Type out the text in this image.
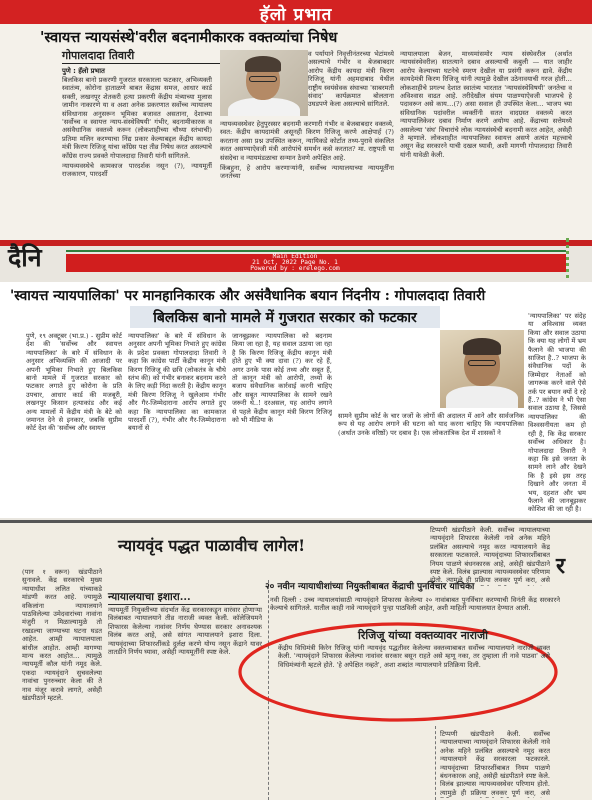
हॅलो प्रभात
'स्वायत्त न्यायसंस्थे'वरील बदनामीकारक वक्तव्यांचा निषेध
गोपालदादा तिवारी
पुणे : हॅलो प्रभात

बिलकिस बानो प्रकरणी गुजरात सरकारला फटकार, अभिव्यक्ती स्वातंत्र्य, कोरोना हाताळणे बाबत केंद्रास समज, आधार कार्ड सक्ती, लखनपूर शेतकरी हत्या प्रकरणी केंद्रीय मंत्र्याच्या मुलास जामीन नाकारणे या व अशा अनेक प्रकरणात सर्वोच्च न्यायालय संविधानास अनुसरून भूमिका बजावत असताना, देशाच्या 'सर्वोच्च व स्वायत्त न्याय-संस्थेविषयी' गंभीर, बदनामीकारक व असंवैधानिक वक्तव्ये करून (लोकशाहीच्या चौथ्या स्तंभाची) प्रतिमा मलिन करण्याचा निंद्य प्रकार केल्याबद्दल केंद्रीय कायदा मंत्री किरण रिजिजू यांचा काँग्रेस पक्ष तीव्र निषेध करत असल्याचे काँग्रेस राज्य प्रवक्ते गोपालदादा तिवारी यांनी सांगितले.

न्यायव्यवस्थेचे कामकाज पारदर्शक नसून (?), न्यायमूर्ती राजकारण, पारदर्शी

व पर्यायाने निवृत्तीनंतरच्या भेटांमध्ये असल्याचे गंभीर व बेजबाबदार आरोप केंद्रीय कायदा मंत्री किरण रिजिजू यांनी अहमदाबाद येथील राष्ट्रीय स्वयंसेवक संघाच्या 'साबरमती संवाद' कार्यक्रमात बोलताना उघडपणे केला असल्याचे सांगितले.

न्यायव्यवस्थेवर हेतुपुरस्सर बदनामी करणारी गंभीर व बेजबाबदार वक्तव्ये, स्वत: केंद्रीय कायदामंत्री असूनही किरण रिजिजू करणे आक्षेपार्ह (?) करताना असा प्रश्न उपस्थित करून, न्यायिकडे कोर्टात तथ्य-पुरावे संकलित करत असण्याऐवजी मंत्री आरोपांचे समर्थन कसे करतात? मा. राष्ट्रपती या संसदेचा व न्यायमंडळाचा सन्मान ठेवणे अपेक्षित आहे.

किंबहुना, हे आरोप करणाऱ्यांनी, सर्वोच्च न्यायालयाच्या न्यायमूर्तींना जनतेच्या

न्यायालयाला बेजन, माध्यमांसमोर न्याय संस्थेवरील (अर्थात न्यायसंस्थेवरील) सातत्याने दबाव असल्याची कबुली — यात जाहीर आरोप केल्याच्या घटनेचे स्मरण देखील या प्रसंगी करून द्यावे. केंद्रीय कायदेमंत्री किरण रिजिजू यांनी त्यामुळे देखील उठेनावयाची गरज होती… लोकशाहीचे प्रगल्भ देशात स्वातंत्र्य भारतात 'न्यायसंस्थेविषयी' जनतेचा व अविश्वास वाढत आहे. तरीदेखील संयम पाळण्याऐवजी भाजपचे हे पदावरून असे काय…(?) असा सवाल ही उपस्थित केला… भाजप च्या संविधानिक पदांवरील व्यक्तींनी सतत वादग्रस्त वक्तव्ये करत न्यायपालिकेवर दबाव निर्माण करणे अयोग्य आहे. केंद्राच्या सत्तेमध्ये असलेल्या 'संघ' विचारांचे लोक न्यायसंस्थेची बदनामी करत आहेत, असेही ते म्हणाले. लोकशाहीत न्यायपालिका स्वायत्त असणे अत्यंत महत्त्वाचे असून केंद्र सरकारने याची दखल घ्यावी, अशी मागणी गोपालदादा तिवारी यांनी यावेळी केली.

दैनि	Main Edition
21 Oct, 2022 Page No. 1
Powered by : erelego.com
'स्वायत्त न्यायपालिका' पर मानहानिकारक और असंवैधानिक बयान निंदनीय : गोपालदादा तिवारी
बिलकिस बानो मामले में गुजरात सरकार को फटकार

पुणे, १९ अक्टूबर (भा.प्र.) - सुप्रीम कोर्ट देश की 'सर्वोच्च और स्वायत्त न्यायपालिका' के बारे में संविधान के अनुसार अभिव्यक्ति की आजादी पर अपनी भूमिका निभाते हुए बिलकिस बानो मामले में गुजरात सरकार को फटकार लगाते हुए कोरोना के प्रति उपचार, आधार कार्ड की मजबूरी, लखनपुर किसान हत्याकांड और कई अन्य मामलों में केंद्रीय मंत्री के बेटे को जमानत देने से इनकार, जबकि सुप्रीम कोर्ट देश की 'सर्वोच्च और स्वायत्त

न्यायपालिका' के बारे में संविधान के अनुसार अपनी भूमिका निभाते हुए कांग्रेस के प्रदेश प्रवक्ता गोपालदादा तिवारी ने कहा कि कांग्रेस पार्टी केंद्रीय कानून मंत्री किरण रिजिजू की छवि (लोकतंत्र के चौथे स्तंभ की) को गंभीर बनाकर बदनाम करने के लिए कड़ी निंदा करती है। केंद्रीय कानून मंत्री किरण रिजिजू ने खुलेआम गंभीर और गैर-जिम्मेदाराना आरोप लगाते हुए कहा कि न्यायपालिका का कामकाज पारदर्शी (?), गंभीर और गैर-जिम्मेदाराना बयानों से

जानबूझकर न्यायपालिका को बदनाम किया जा रहा है, यह सवाल उठाया जा रहा है कि किरण रिजिजू केंद्रीय कानून मंत्री होते हुए भी क्या दावा (?) कर रहे हैं, अगर उनके पास कोई तथ्य और सबूत हैं, तो कानून मंत्री को आरोपी, तथ्यों के बजाय संवैधानिक कार्रवाई करनी चाहिए और सबूत न्यायपालिका के सामने रखने जरूरी थे..! दरअसल, यह आरोप लगाने से पहले केंद्रीय कानून मंत्री किरण रिजिजू को भी मीडिया के

सामने सुप्रीम कोर्ट के चार जजों के लोगों की अदालत में आने और सार्वजनिक रूप से यह आरोप लगाने की घटना को याद करना चाहिए कि न्यायपालिका (अर्थात उनके वरिष्ठों) पर दबाव है। एक लोकतांत्रिक देश में शासकों ने

'न्यायपालिका' पर संदेह या अविश्वास व्यक्त किया और सवाल उठाया कि क्या यह लोगों में भ्रम फैलाने की भाजपा की साजिश है..? भाजपा के संवैधानिक पदों के जिम्मेदार नेताओं को जागरूक करने वाले ऐसे तर्क पर बयान क्यों दे रहे हैं..? कांग्रेस ने भी ऐसा सवाल उठाया है, जिससे न्यायपालिका की विश्वसनीयता कम हो रही है, कि केंद्र सरकार सर्वोच्च अधिकार है। गोपालदादा तिवारी ने कहा कि इसे जनता के सामने लाने और देखने कि है इसे इस तरह दिखाने और जनता में भय, दहशत और भ्रम फैलाने की जानबूझकर कोशिश की जा रही है।

न्यायवृंद पद्धत पाळावीच लागेल!
र

(पान १ वरून) खंडपीठाने सुनावले. केंद्र सरकारचे मुख्य न्यायाधीश ललित यांच्याकडे मांडणी करत आहे. ज्यामुळे वकिलांना न्यायालयाने पाठविलेल्या उमेदवारांच्या नावांना मंजुरी न मिळाल्यामुळे तो रखडल्या जाण्याच्या घटना घडत आहेत. आम्ही न्यायालयाला बांधील आहोत. आम्ही मागण्या मान्य करत आहोत… त्यामुळे न्यायमूर्ती कौल यांनी नमूद केले. एकदा न्यायवृंदाने सुचवलेल्या नावांचा पुनरुच्चार केला की ते नाव मंजूर करावे लागते, असेही खंडपीठाने म्हटले.

न्यायालयाचा इशारा...

न्यायमूर्ती नियुक्तीच्या संदर्भात केंद्र सरकारकडून वारंवार होणाऱ्या विलंबाबत न्यायालयाने तीव्र नाराजी व्यक्त केली. कॉलेजियमने शिफारस केलेल्या नावांवर निर्णय घेण्यास सरकार अनावश्यक विलंब करत आहे, असे सांगत न्यायालयाने इशारा दिला. न्यायवृंदाच्या शिफारशींकडे दुर्लक्ष करणे योग्य नसून केंद्राने यावर तातडीने निर्णय घ्यावा, असेही न्यायमूर्तींनी स्पष्ट केले.

२० नवीन न्यायाधीशांच्या नियुक्तीबाबत केंद्राची पुनर्विचार याचिका

नवी दिल्ली : उच्च न्यायालयांसाठी न्यायवृंदाने शिफारस केलेल्या २० नावांबाबत पुनर्विचार करण्याची विनंती केंद्र सरकारने केल्याचे सांगितले. यातील काही नावे न्यायवृंदाने पुन्हा पाठविली आहेत, अशी माहिती न्यायालयात देण्यात आली.

रिजिजू यांच्या वक्तव्यावर नाराजी

केंद्रीय विधिमंत्री किरेन रिजिजू यांनी न्यायवृंद पद्धतीवर केलेल्या वक्तव्याबाबत सर्वोच्च न्यायालयाने नाराजी व्यक्त केली. 'न्यायवृंदाने शिफारस केलेल्या नावांवर सरकार बसून राहते असे म्हणू नका, तर तुम्हाला ती नावे पाठवा' असे विधिमंत्र्यांनी म्हटले होते. 'हे अपेक्षित नव्हते', अशा शब्दांत न्यायालयाने प्रतिक्रिया दिली.

टिप्पणी खंडपीठाने केली. सर्वोच्च न्यायालयाच्या न्यायवृंदाने शिफारस केलेली नावे अनेक महिने प्रलंबित असल्याचे नमूद करत न्यायालयाने केंद्र सरकारला फटकारले. न्यायवृंदाच्या शिफारशींबाबत नियम पाळणे बंधनकारक आहे, असेही खंडपीठाने स्पष्ट केले. विलंब झाल्यास न्यायव्यवस्थेवर परिणाम होतो. त्यामुळे ही प्रक्रिया लवकर पूर्ण करा, असे

टिप्पणी खंडपीठाने केली. सर्वोच्च न्यायालयाच्या न्यायवृंदाने शिफारस केलेली नावे अनेक महिने प्रलंबित असल्याचे नमूद करत न्यायालयाने केंद्र सरकारला फटकारले. न्यायवृंदाच्या शिफारशींबाबत नियम पाळणे बंधनकारक आहे, असेही खंडपीठाने स्पष्ट केले. विलंब झाल्यास न्यायव्यवस्थेवर परिणाम होतो. त्यामुळे ही प्रक्रिया लवकर पूर्ण करा, असे
